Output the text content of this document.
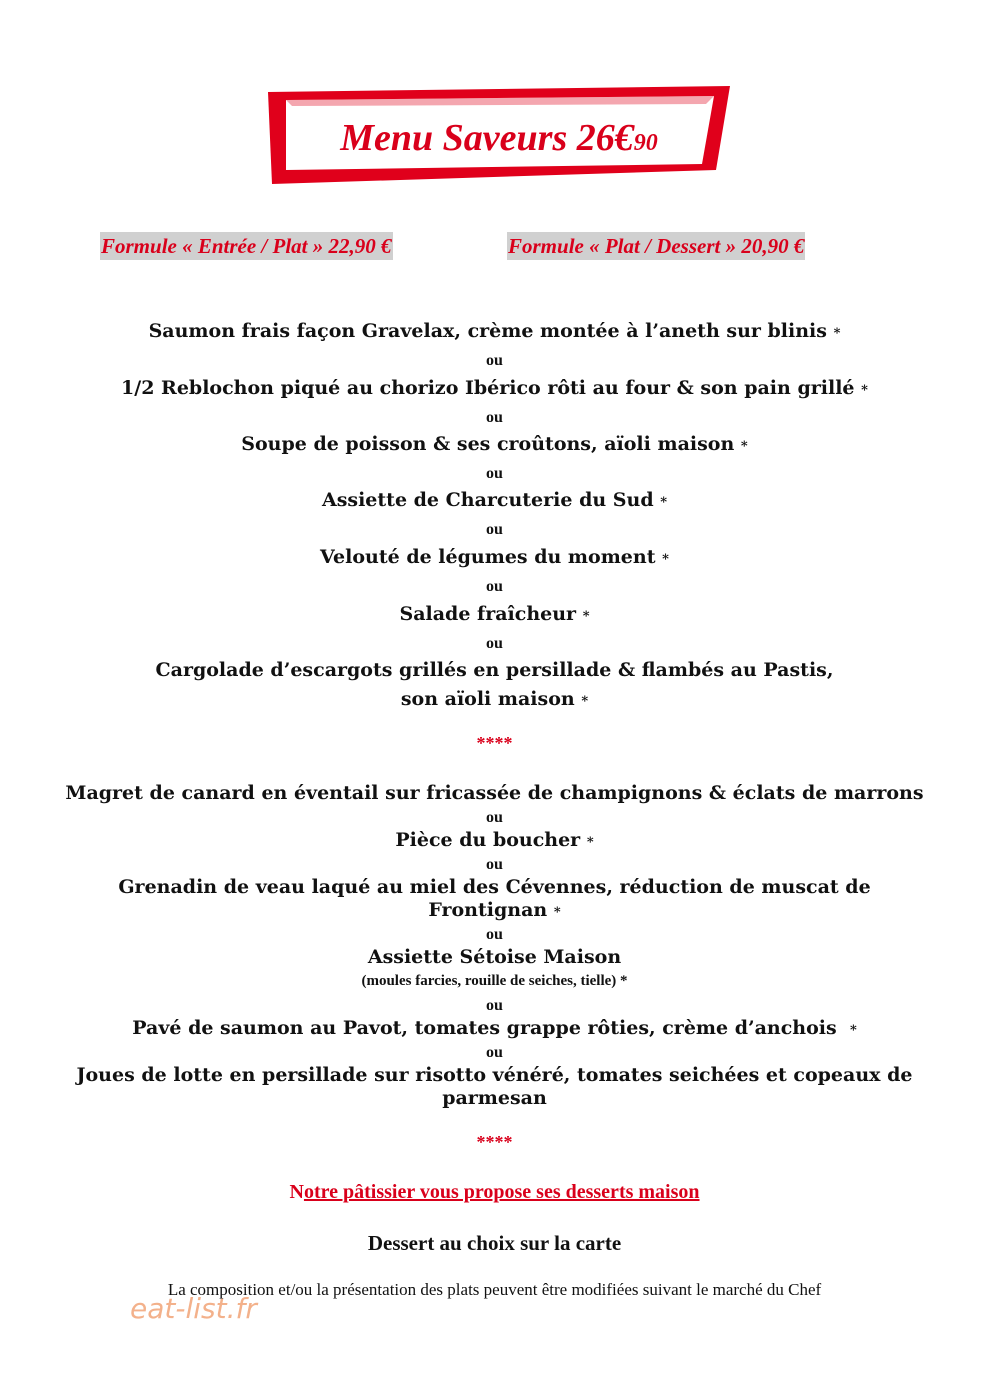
Menu Saveurs 26€90
Formule « Entrée / Plat » 22,90 €	Formule « Plat / Dessert » 20,90 €
Saumon frais façon Gravelax, crème montée à l’aneth sur blinis *
ou
1/2 Reblochon piqué au chorizo Ibérico rôti au four & son pain grillé *
ou
Soupe de poisson & ses croûtons, aïoli maison *
ou
Assiette de Charcuterie du Sud *
ou
Velouté de légumes du moment *
ou
Salade fraîcheur *
ou
Cargolade d’escargots grillés en persillade & flambés au Pastis,
son aïoli maison *
****
Magret de canard en éventail sur fricassée de champignons & éclats de marrons
ou
Pièce du boucher *
ou
Grenadin de veau laqué au miel des Cévennes, réduction de muscat de
Frontignan *
ou
Assiette Sétoise Maison
(moules farcies, rouille de seiches, tielle) *
ou
Pavé de saumon au Pavot, tomates grappe rôties, crème d’anchois *
ou
Joues de lotte en persillade sur risotto vénéré, tomates seichées et copeaux de
parmesan
****
Notre pâtissier vous propose ses desserts maison
Dessert au choix sur la carte
La composition et/ou la présentation des plats peuvent être modifiées suivant le marché du Chef
eat-list.fr
